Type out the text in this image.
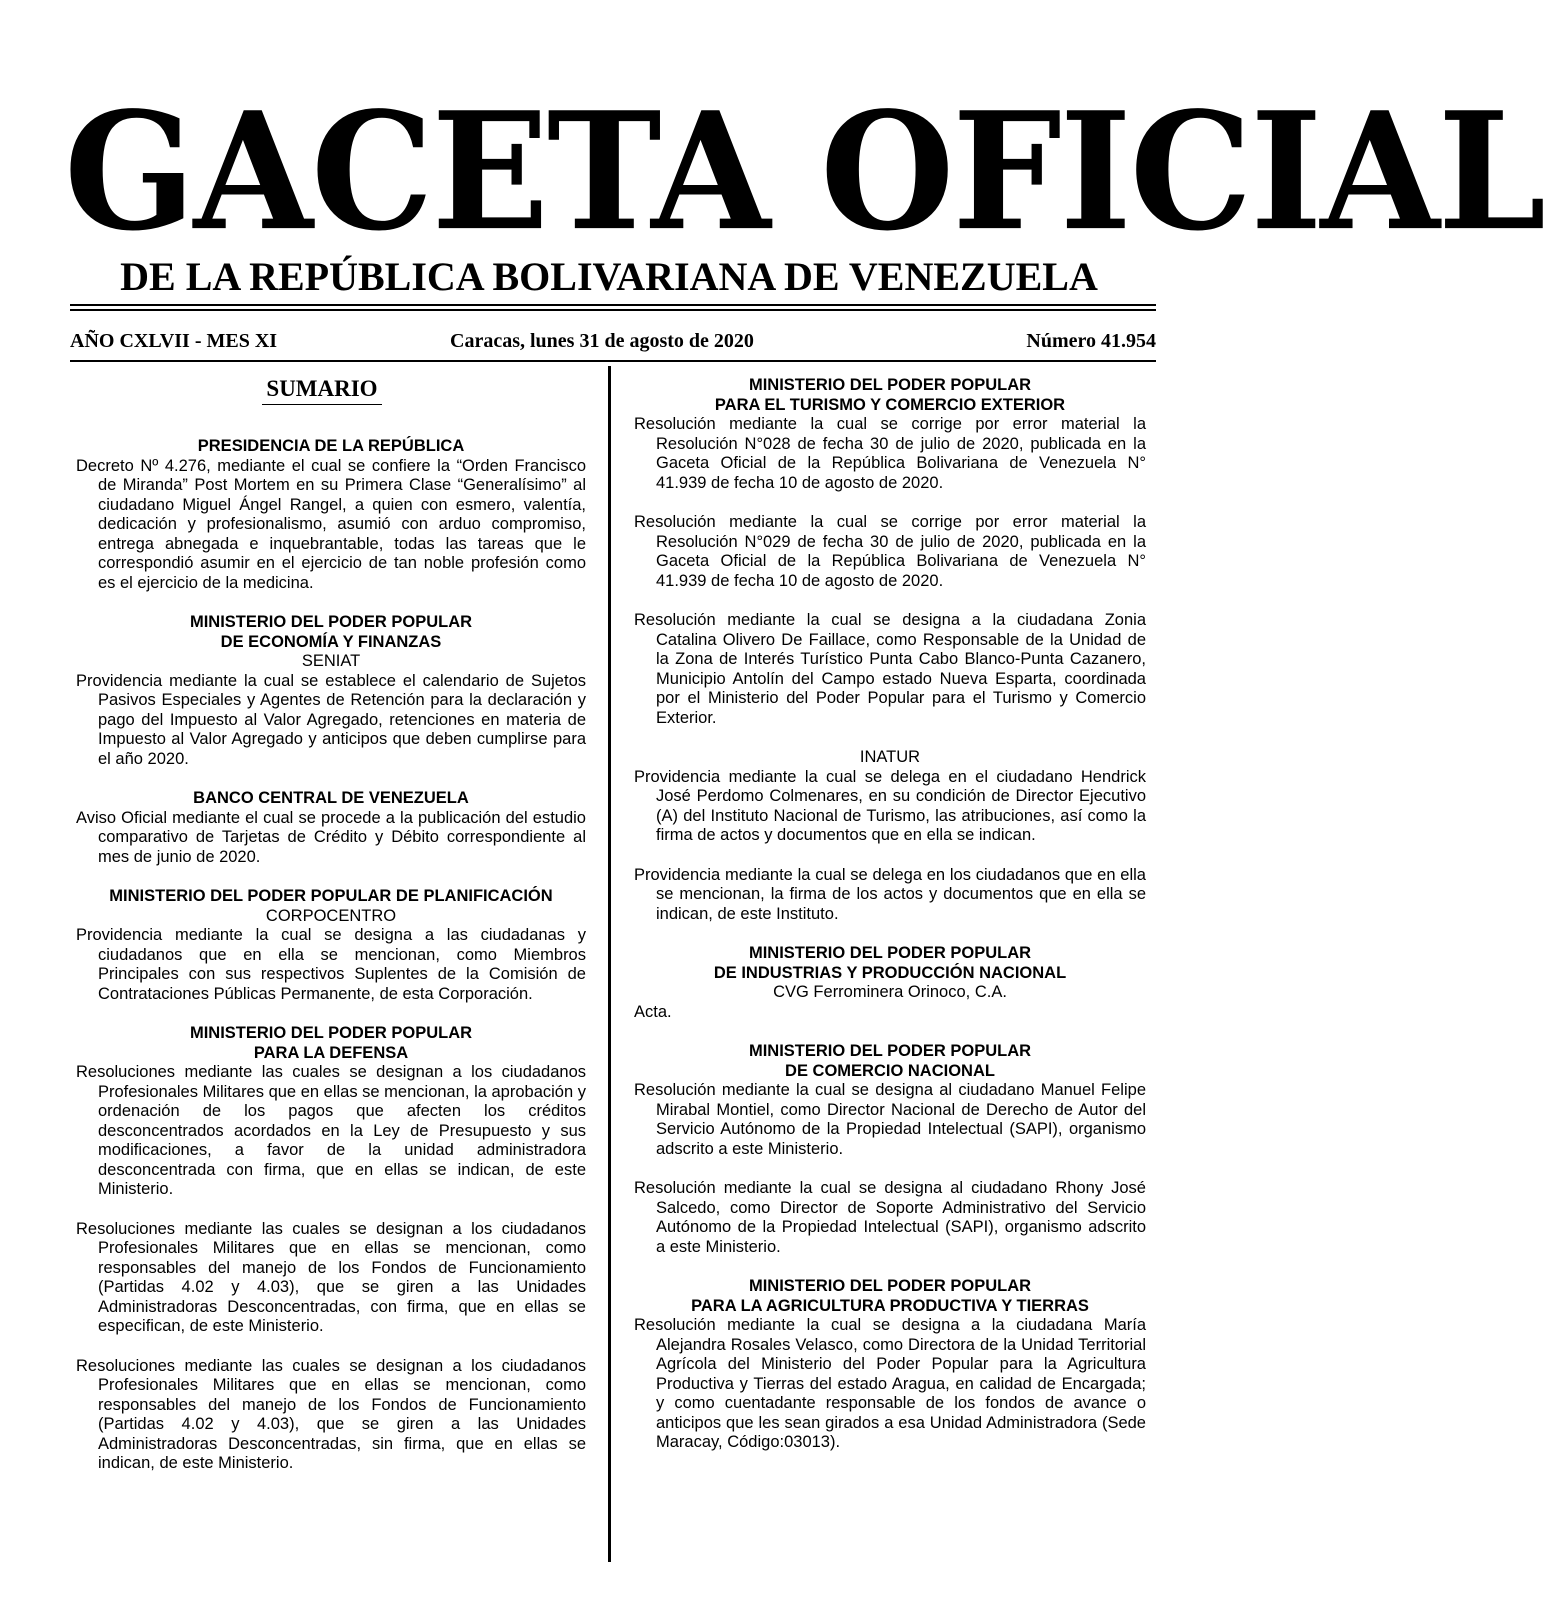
GACETA OFICIAL
DE LA REPÚBLICA BOLIVARIANA DE VENEZUELA
AÑO CXLVII - MES XI	Caracas, lunes 31 de agosto de 2020	Número 41.954
SUMARIO
PRESIDENCIA DE LA REPÚBLICA

Decreto Nº 4.276, mediante el cual se confiere la “Orden Francisco de Miranda” Post Mortem en su Primera Clase “Generalísimo” al ciudadano Miguel Ángel Rangel, a quien con esmero, valentía, dedicación y profesionalismo, asumió con arduo compromiso, entrega abnegada e inquebrantable, todas las tareas que le correspondió asumir en el ejercicio de tan noble profesión como es el ejercicio de la medicina.

MINISTERIO DEL PODER POPULAR
DE ECONOMÍA Y FINANZAS
SENIAT

Providencia mediante la cual se establece el calendario de Sujetos Pasivos Especiales y Agentes de Retención para la declaración y pago del Impuesto al Valor Agregado, retenciones en materia de Impuesto al Valor Agregado y anticipos que deben cumplirse para el año 2020.

BANCO CENTRAL DE VENEZUELA

Aviso Oficial mediante el cual se procede a la publicación del estudio comparativo de Tarjetas de Crédito y Débito correspondiente al mes de junio de 2020.

MINISTERIO DEL PODER POPULAR DE PLANIFICACIÓN
CORPOCENTRO

Providencia mediante la cual se designa a las ciudadanas y ciudadanos que en ella se mencionan, como Miembros Principales con sus respectivos Suplentes de la Comisión de Contrataciones Públicas Permanente, de esta Corporación.

MINISTERIO DEL PODER POPULAR
PARA LA DEFENSA

Resoluciones mediante las cuales se designan a los ciudadanos Profesionales Militares que en ellas se mencionan, la aprobación y ordenación de los pagos que afecten los créditos desconcentrados acordados en la Ley de Presupuesto y sus modificaciones, a favor de la unidad administradora desconcentrada con firma, que en ellas se indican, de este Ministerio.

Resoluciones mediante las cuales se designan a los ciudadanos Profesionales Militares que en ellas se mencionan, como responsables del manejo de los Fondos de Funcionamiento (Partidas 4.02 y 4.03), que se giren a las Unidades Administradoras Desconcentradas, con firma, que en ellas se especifican, de este Ministerio.

Resoluciones mediante las cuales se designan a los ciudadanos Profesionales Militares que en ellas se mencionan, como responsables del manejo de los Fondos de Funcionamiento (Partidas 4.02 y 4.03), que se giren a las Unidades Administradoras Desconcentradas, sin firma, que en ellas se indican, de este Ministerio.

MINISTERIO DEL PODER POPULAR
PARA EL TURISMO Y COMERCIO EXTERIOR

Resolución mediante la cual se corrige por error material la Resolución N°028 de fecha 30 de julio de 2020, publicada en la Gaceta Oficial de la República Bolivariana de Venezuela N° 41.939 de fecha 10 de agosto de 2020.

Resolución mediante la cual se corrige por error material la Resolución N°029 de fecha 30 de julio de 2020, publicada en la Gaceta Oficial de la República Bolivariana de Venezuela N° 41.939 de fecha 10 de agosto de 2020.

Resolución mediante la cual se designa a la ciudadana Zonia Catalina Olivero De Faillace, como Responsable de la Unidad de la Zona de Interés Turístico Punta Cabo Blanco-Punta Cazanero, Municipio Antolín del Campo estado Nueva Esparta, coordinada por el Ministerio del Poder Popular para el Turismo y Comercio Exterior.

INATUR

Providencia mediante la cual se delega en el ciudadano Hendrick José Perdomo Colmenares, en su condición de Director Ejecutivo (A) del Instituto Nacional de Turismo, las atribuciones, así como la firma de actos y documentos que en ella se indican.

Providencia mediante la cual se delega en los ciudadanos que en ella se mencionan, la firma de los actos y documentos que en ella se indican, de este Instituto.

MINISTERIO DEL PODER POPULAR
DE INDUSTRIAS Y PRODUCCIÓN NACIONAL
CVG Ferrominera Orinoco, C.A.

Acta.

MINISTERIO DEL PODER POPULAR
DE COMERCIO NACIONAL

Resolución mediante la cual se designa al ciudadano Manuel Felipe Mirabal Montiel, como Director Nacional de Derecho de Autor del Servicio Autónomo de la Propiedad Intelectual (SAPI), organismo adscrito a este Ministerio.

Resolución mediante la cual se designa al ciudadano Rhony José Salcedo, como Director de Soporte Administrativo del Servicio Autónomo de la Propiedad Intelectual (SAPI), organismo adscrito a este Ministerio.

MINISTERIO DEL PODER POPULAR
PARA LA AGRICULTURA PRODUCTIVA Y TIERRAS

Resolución mediante la cual se designa a la ciudadana María Alejandra Rosales Velasco, como Directora de la Unidad Territorial Agrícola del Ministerio del Poder Popular para la Agricultura Productiva y Tierras del estado Aragua, en calidad de Encargada; y como cuentadante responsable de los fondos de avance o anticipos que les sean girados a esa Unidad Administradora (Sede Maracay, Código:03013).
